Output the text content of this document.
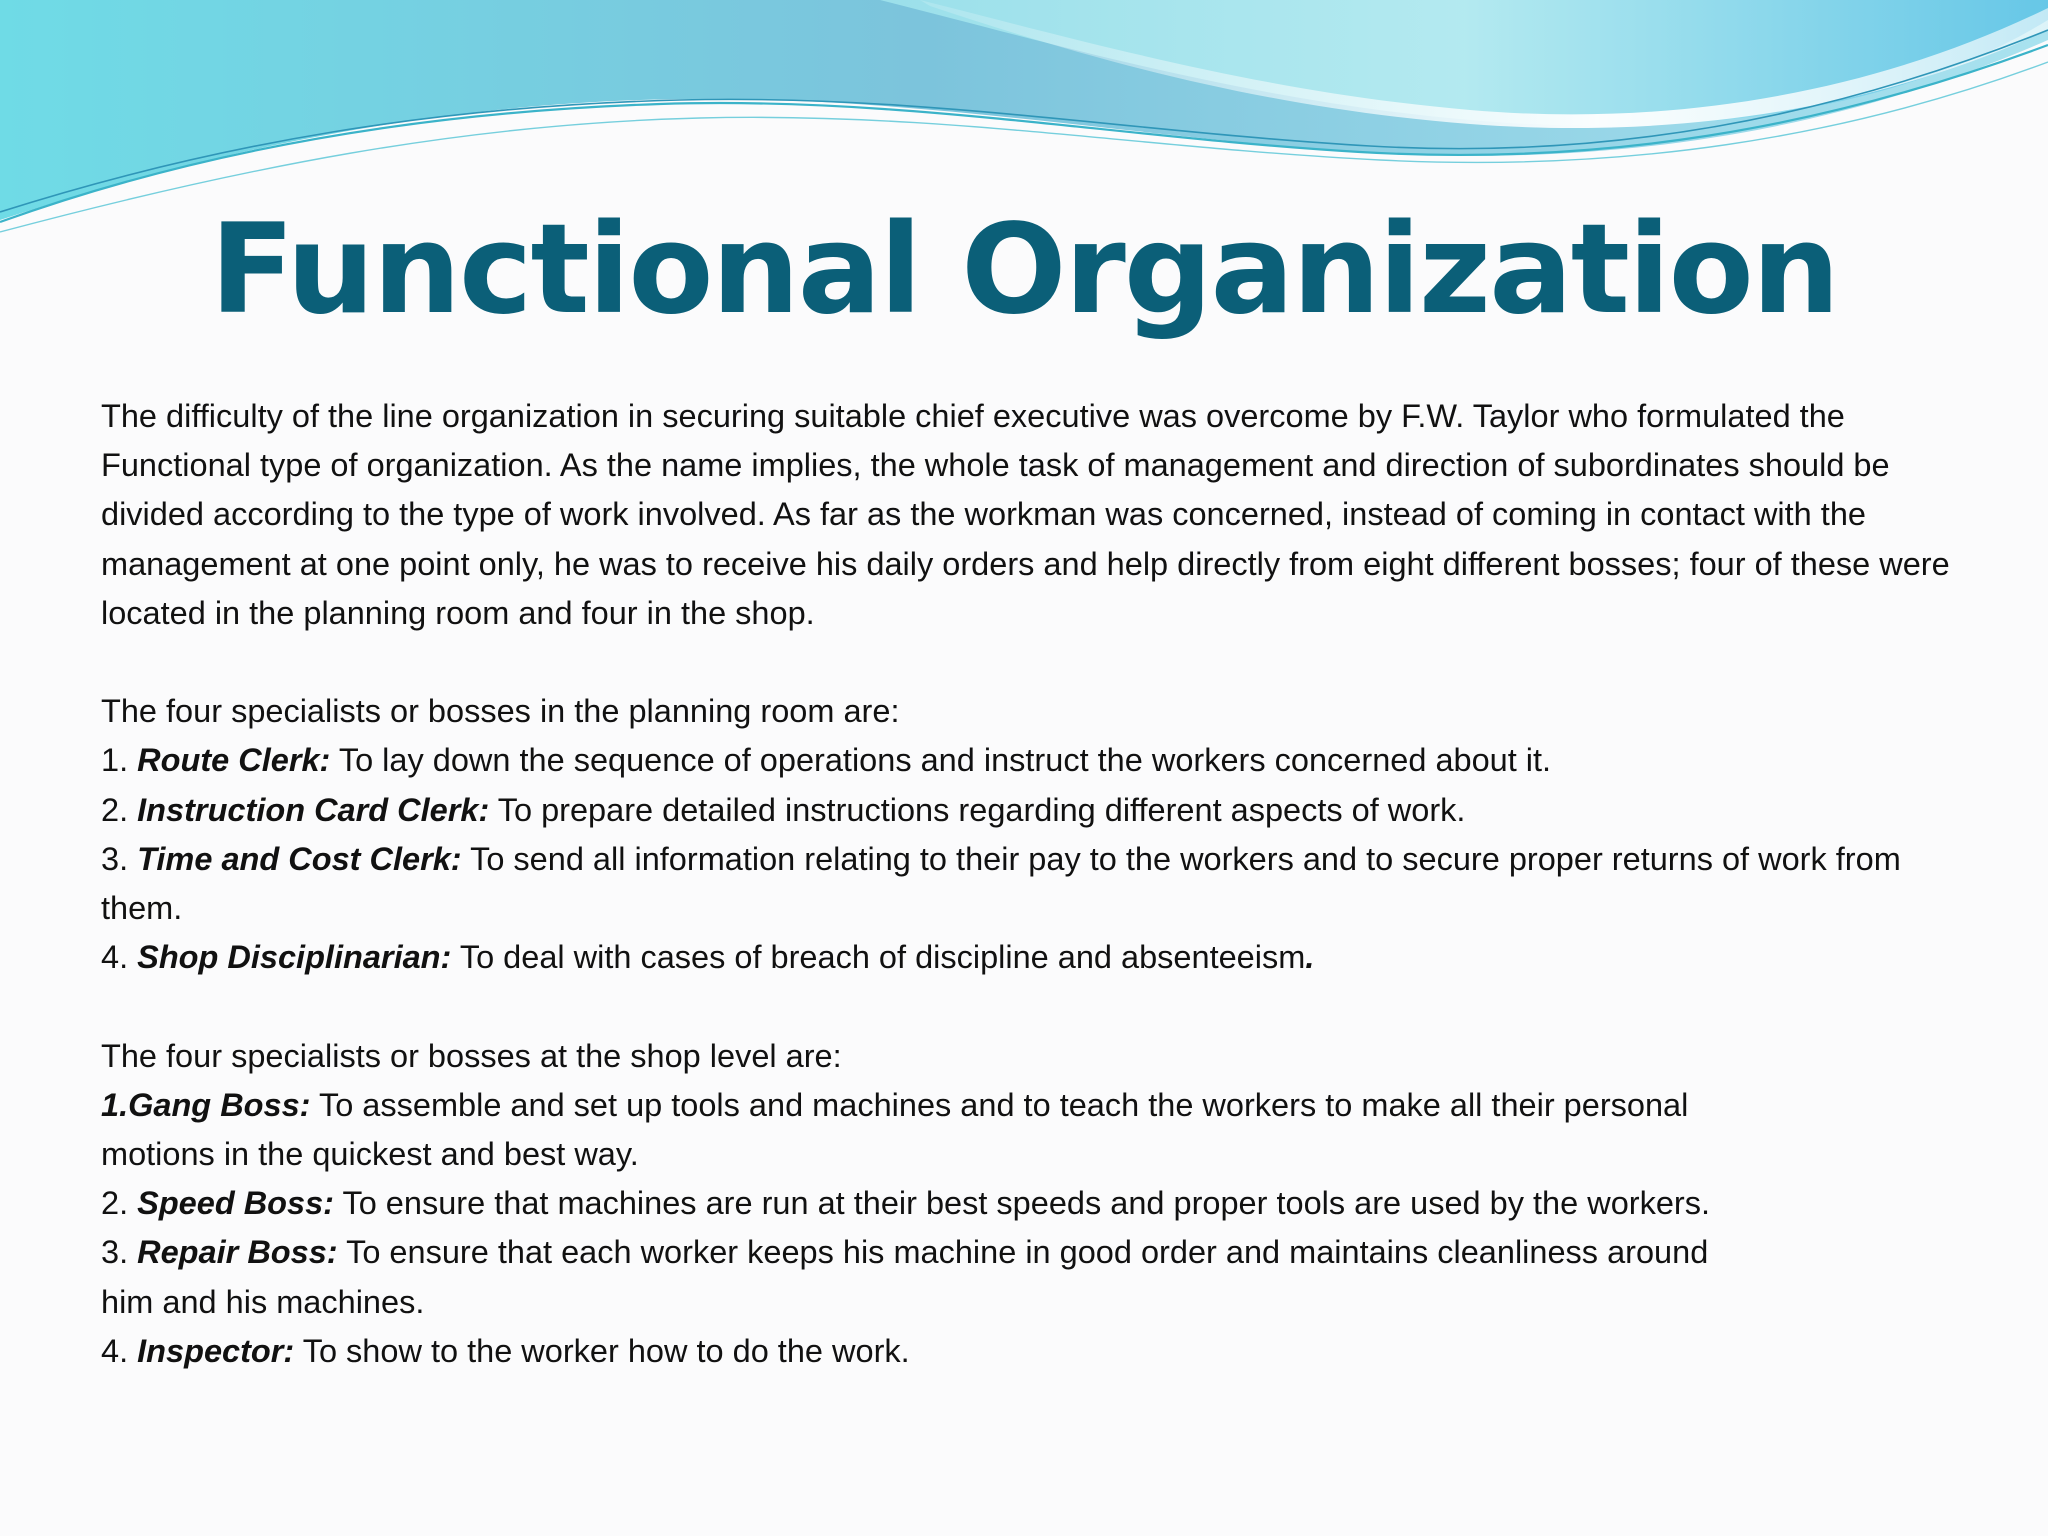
Functional Organization

The difficulty of the line organization in securing suitable chief executive was overcome by F.W. Taylor who formulated the Functional type of organization. As the name implies, the whole task of management and direction of subordinates should be divided according to the type of work involved. As far as the workman was concerned, instead of coming in contact with the management at one point only, he was to receive his daily orders and help directly from eight different bosses; four of these were located in the planning room and four in the shop.

The four specialists or bosses in the planning room are:

1. Route Clerk: To lay down the sequence of operations and instruct the workers concerned about it.

2. Instruction Card Clerk: To prepare detailed instructions regarding different aspects of work.

3. Time and Cost Clerk: To send all information relating to their pay to the workers and to secure proper returns of work from them.

4. Shop Disciplinarian: To deal with cases of breach of discipline and absenteeism.

The four specialists or bosses at the shop level are:

1.Gang Boss: To assemble and set up tools and machines and to teach the workers to make all their personal
motions in the quickest and best way.

2. Speed Boss: To ensure that machines are run at their best speeds and proper tools are used by the workers.

3. Repair Boss: To ensure that each worker keeps his machine in good order and maintains cleanliness around
him and his machines.

4. Inspector: To show to the worker how to do the work.
